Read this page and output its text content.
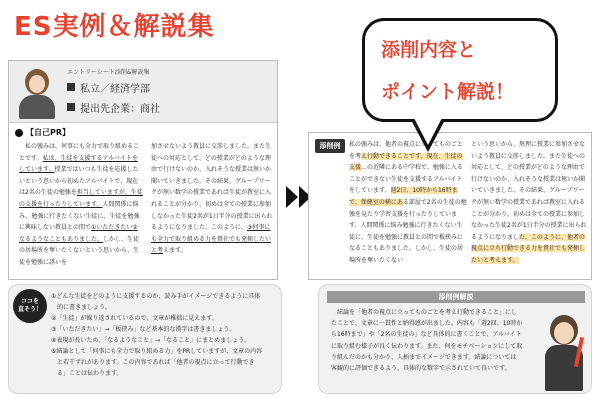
ES実例＆解説集
添削内容と
ポイント解説！
エントリーシート添削&解説集
私立／経済学部
提出先企業：商社
【自己PR】
　私の強みは、何事にも全力で取り組めることです。私は、生徒を支援するアルバイトをしています。授業ではいつも生徒を応援したいという思いから初めたアルバイトで、現在は2名の生徒の勉強を担当していますが、生徒の支援を行ったりしています。人間関係に悩み、勉強に行きたくない生徒に、生徒を勉強に興味しない教員との間で①いただきたい②なるようなこともありました。しかし、生徒の居場所を奪いたくないという思いから、生徒を勉強に誘いを
加させないよう教員に交渉しました。また生徒への対応として、どの授業がどのような理由で行けないのか、入れそうな授業は無いか聞いていきました。その結果、グループワークが無い数学の授業であれば生徒が教室に入れることが分かり、初めは全ての授業に参加しなかった生徒2名が1日半分の授業に出られるようになりました。このように、③何事にも全力で取り組める力を貴社でも発揮したいと考えます。
添削例	私の強みは、他者の視点に立ってものごとを考え行動できることです。現在、生徒の支援…の近隣にある中学校で、勉強に入ることができない生徒を支援するアルバイトをしています。週2日、10時から16時まで、保健室の横にある部屋で2名の生徒の勉強を見たり学習支援を行ったりしています。人間関係に悩み勉強に行きたくない生徒に、生徒を勉強に教員との間で板挟みになることもありました。しかし、生徒の居場所を奪いたくない
という思いから、無理に授業に参加させないよう教員に交渉しました。また生徒への対応として、どの授業がどのような理由で行けないのか、入れそうな授業は無いか聞いていきました。その結果、グループワークが無い数学の授業であれば教室に入れることが分かり、初めは全ての授業に参加しなかった生徒2名が1日半分の授業に出られるようになりました。このように、他者の視点に立ち行動できる力を貴社でも発揮したいと考えます。
ココを
直そう！
①どんな生徒をどのように支援するのか、読み手がイメージできるように具体
　的に書きましょう。
②「生徒」が繰り返されているので、文章が稚拙に見えます。
③「いただきたい」→「板挟み」など基本的な漢字は書きましょう。
④表現が長いため、「なるようなこと」→「なること」にまとめましょう。
⑤結論として「何事にも全力で取り組める力」をPRしていますが、文章の内容
　と若干ずれがあります。この内容であれば「他者の視点に立って行動でき
　る」ことは伝わります。
添削例解説
　結論を「他者の視点に立ってものごとを考え行動できること」にし
たことで、文章に一貫性と納得感が出ました。内容も「週2回、10時か
ら16時まで」や「2名の生徒の」など具体的に書くことで、アルバイト
に取り組む様子が良く伝わります。また、何をモチベーションにして取
り組んだのかも分かり、人柄までイメージできます。結論については
客観的に評価できるよう、具体的な数字で示されていて良いです。
